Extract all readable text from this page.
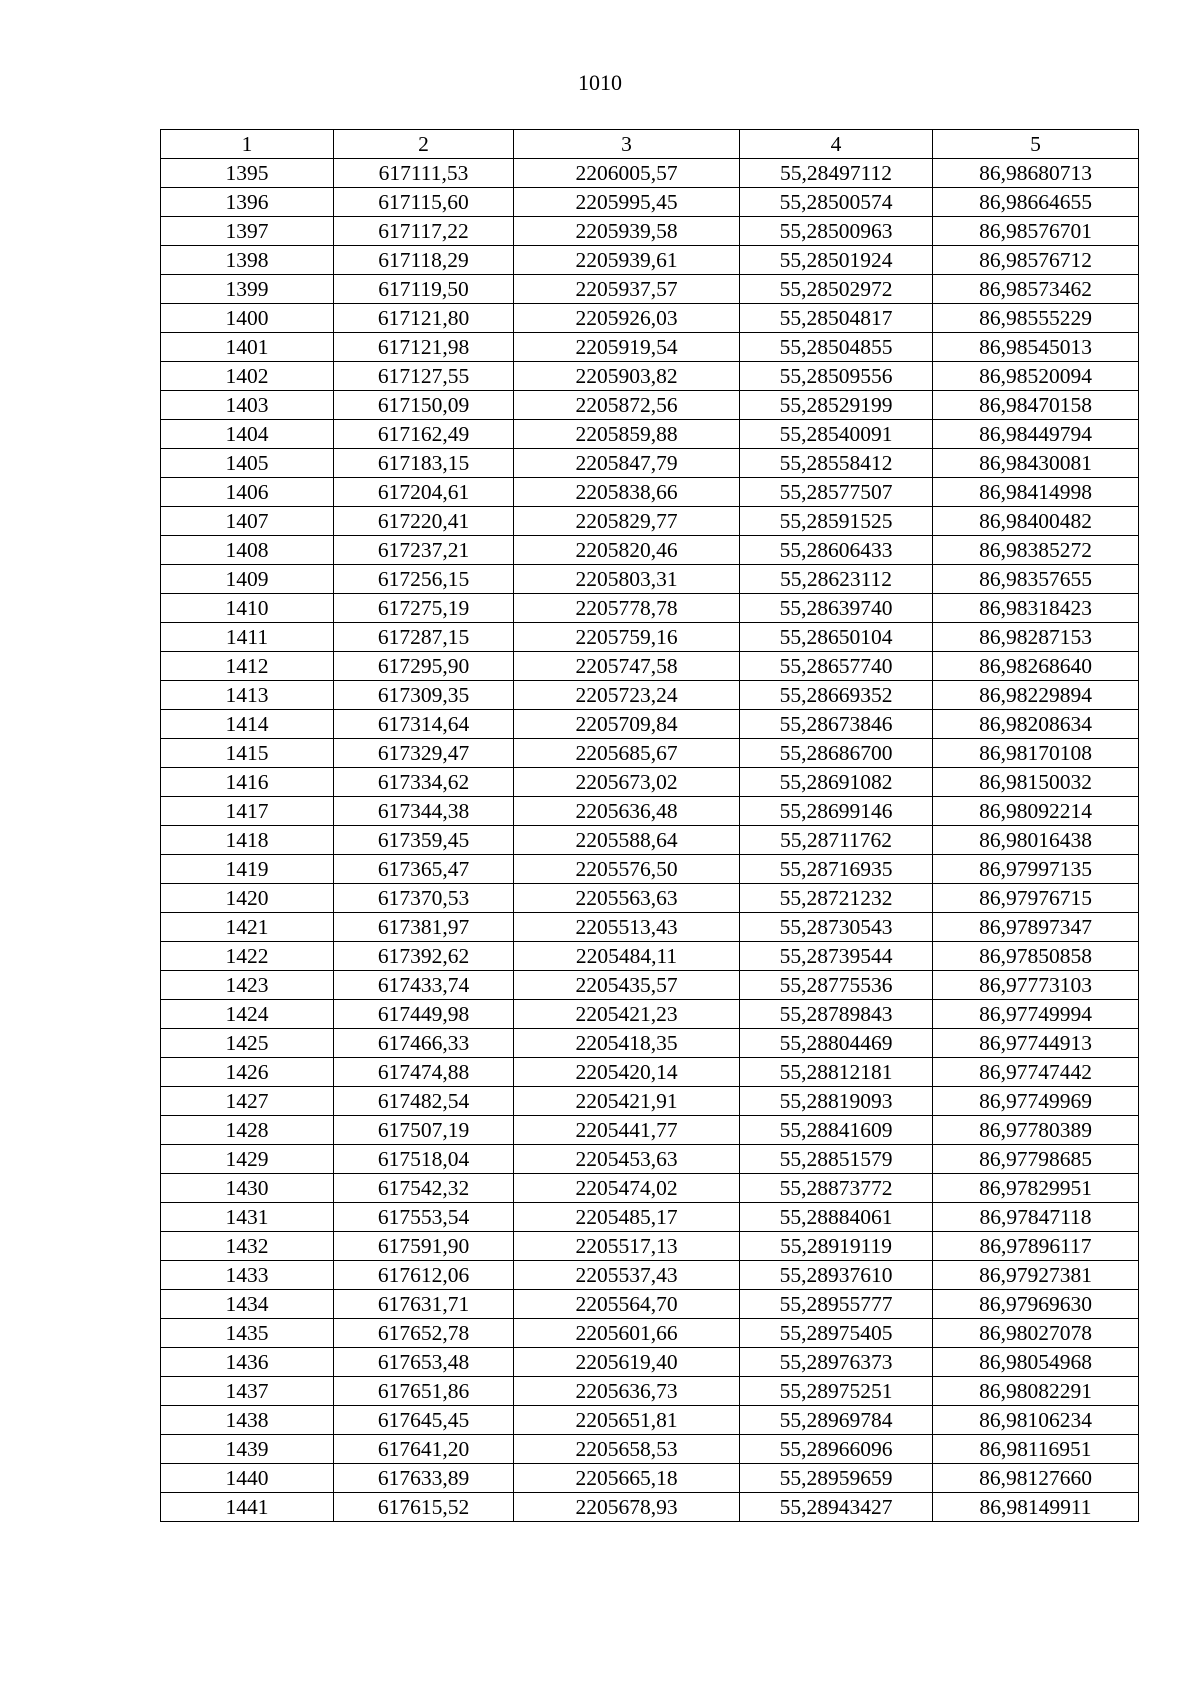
1010
1	2	3	4	5
1395	617111,53	2206005,57	55,28497112	86,98680713
1396	617115,60	2205995,45	55,28500574	86,98664655
1397	617117,22	2205939,58	55,28500963	86,98576701
1398	617118,29	2205939,61	55,28501924	86,98576712
1399	617119,50	2205937,57	55,28502972	86,98573462
1400	617121,80	2205926,03	55,28504817	86,98555229
1401	617121,98	2205919,54	55,28504855	86,98545013
1402	617127,55	2205903,82	55,28509556	86,98520094
1403	617150,09	2205872,56	55,28529199	86,98470158
1404	617162,49	2205859,88	55,28540091	86,98449794
1405	617183,15	2205847,79	55,28558412	86,98430081
1406	617204,61	2205838,66	55,28577507	86,98414998
1407	617220,41	2205829,77	55,28591525	86,98400482
1408	617237,21	2205820,46	55,28606433	86,98385272
1409	617256,15	2205803,31	55,28623112	86,98357655
1410	617275,19	2205778,78	55,28639740	86,98318423
1411	617287,15	2205759,16	55,28650104	86,98287153
1412	617295,90	2205747,58	55,28657740	86,98268640
1413	617309,35	2205723,24	55,28669352	86,98229894
1414	617314,64	2205709,84	55,28673846	86,98208634
1415	617329,47	2205685,67	55,28686700	86,98170108
1416	617334,62	2205673,02	55,28691082	86,98150032
1417	617344,38	2205636,48	55,28699146	86,98092214
1418	617359,45	2205588,64	55,28711762	86,98016438
1419	617365,47	2205576,50	55,28716935	86,97997135
1420	617370,53	2205563,63	55,28721232	86,97976715
1421	617381,97	2205513,43	55,28730543	86,97897347
1422	617392,62	2205484,11	55,28739544	86,97850858
1423	617433,74	2205435,57	55,28775536	86,97773103
1424	617449,98	2205421,23	55,28789843	86,97749994
1425	617466,33	2205418,35	55,28804469	86,97744913
1426	617474,88	2205420,14	55,28812181	86,97747442
1427	617482,54	2205421,91	55,28819093	86,97749969
1428	617507,19	2205441,77	55,28841609	86,97780389
1429	617518,04	2205453,63	55,28851579	86,97798685
1430	617542,32	2205474,02	55,28873772	86,97829951
1431	617553,54	2205485,17	55,28884061	86,97847118
1432	617591,90	2205517,13	55,28919119	86,97896117
1433	617612,06	2205537,43	55,28937610	86,97927381
1434	617631,71	2205564,70	55,28955777	86,97969630
1435	617652,78	2205601,66	55,28975405	86,98027078
1436	617653,48	2205619,40	55,28976373	86,98054968
1437	617651,86	2205636,73	55,28975251	86,98082291
1438	617645,45	2205651,81	55,28969784	86,98106234
1439	617641,20	2205658,53	55,28966096	86,98116951
1440	617633,89	2205665,18	55,28959659	86,98127660
1441	617615,52	2205678,93	55,28943427	86,98149911
